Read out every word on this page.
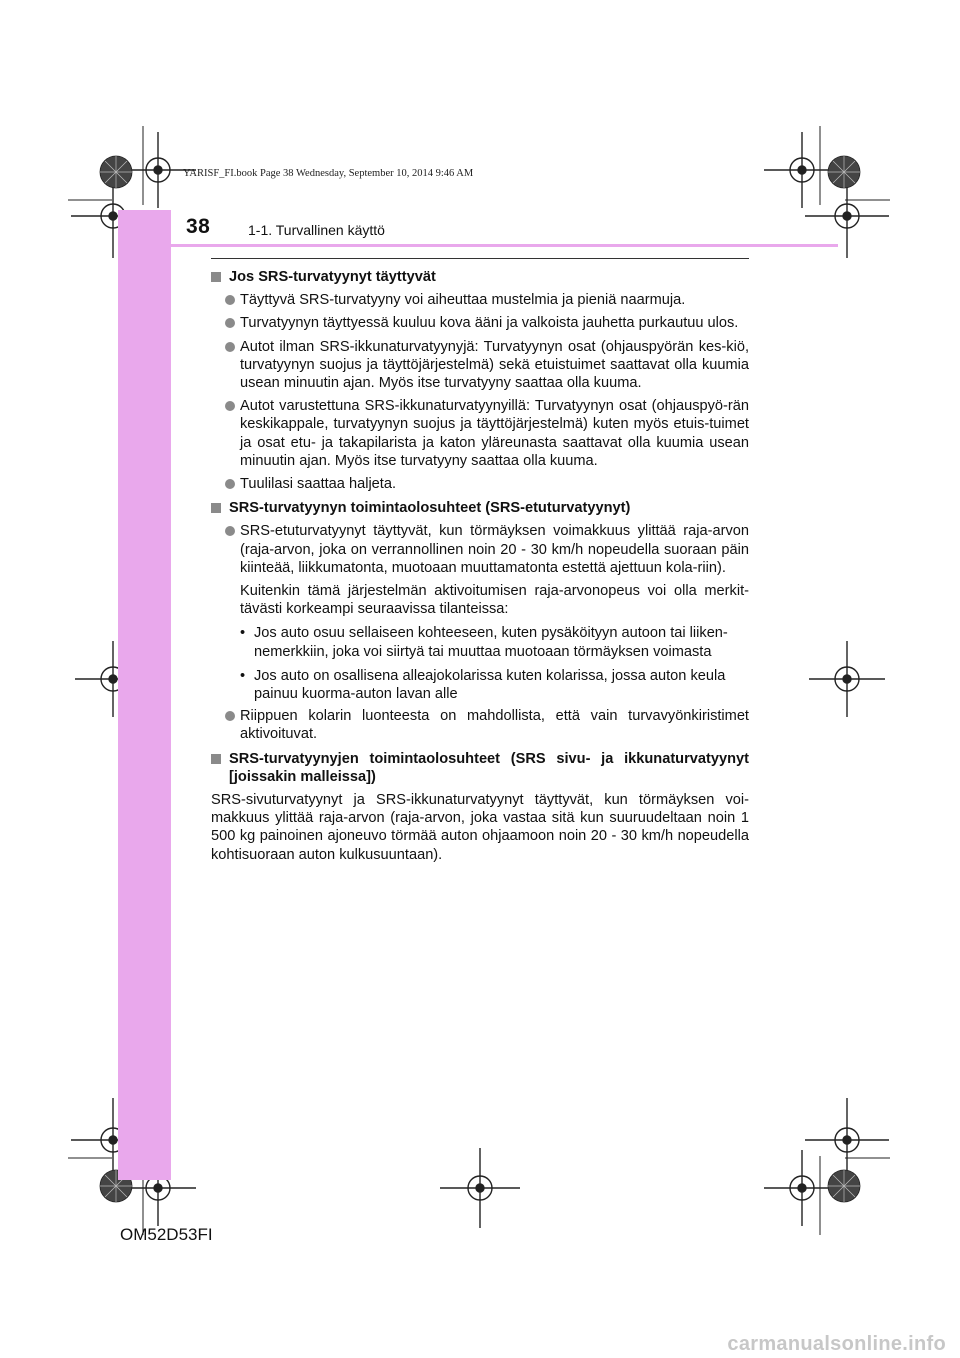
YARISF_FI.book Page 38 Wednesday, September 10, 2014 9:46 AM
38	1-1. Turvallinen käyttö
Jos SRS-turvatyynyt täyttyvät
Täyttyvä SRS-turvatyyny voi aiheuttaa mustelmia ja pieniä naarmuja.
Turvatyynyn täyttyessä kuuluu kova ääni ja valkoista jauhetta purkautuu ulos.
Autot ilman SRS-ikkunaturvatyynyjä: Turvatyynyn osat (ohjauspyörän kes-kiö, turvatyynyn suojus ja täyttöjärjestelmä) sekä etuistuimet saattavat olla kuumia usean minuutin ajan. Myös itse turvatyyny saattaa olla kuuma.
Autot varustettuna SRS-ikkunaturvatyynyillä: Turvatyynyn osat (ohjauspyö-rän keskikappale, turvatyynyn suojus ja täyttöjärjestelmä) kuten myös etuis-tuimet ja osat etu- ja takapilarista ja katon yläreunasta saattavat olla kuumia usean minuutin ajan. Myös itse turvatyyny saattaa olla kuuma.
Tuulilasi saattaa haljeta.
SRS-turvatyynyn toimintaolosuhteet (SRS-etuturvatyynyt)
SRS-etuturvatyynyt täyttyvät, kun törmäyksen voimakkuus ylittää raja-arvon (raja-arvon, joka on verrannollinen noin 20 - 30 km/h nopeudella suoraan päin kiinteää, liikkumatonta, muotoaan muuttamatonta estettä ajettuun kola-riin).
Kuitenkin tämä järjestelmän aktivoitumisen raja-arvonopeus voi olla merkit-tävästi korkeampi seuraavissa tilanteissa:
• Jos auto osuu sellaiseen kohteeseen, kuten pysäköityyn autoon tai liiken-nemerkkiin, joka voi siirtyä tai muuttaa muotoaan törmäyksen voimasta
• Jos auto on osallisena alleajokolarissa kuten kolarissa, jossa auton keula painuu kuorma-auton lavan alle
Riippuen kolarin luonteesta on mahdollista, että vain turvavyönkiristimet aktivoituvat.
SRS-turvatyynyjen toimintaolosuhteet (SRS sivu- ja ikkunaturvatyynyt [joissakin malleissa])
SRS-sivuturvatyynyt ja SRS-ikkunaturvatyynyt täyttyvät, kun törmäyksen voi-makkuus ylittää raja-arvon (raja-arvon, joka vastaa sitä kun suuruudeltaan noin 1 500 kg painoinen ajoneuvo törmää auton ohjaamoon noin 20 - 30 km/h nopeudella kohtisuoraan auton kulkusuuntaan).
OM52D53FI
carmanualsonline.info
